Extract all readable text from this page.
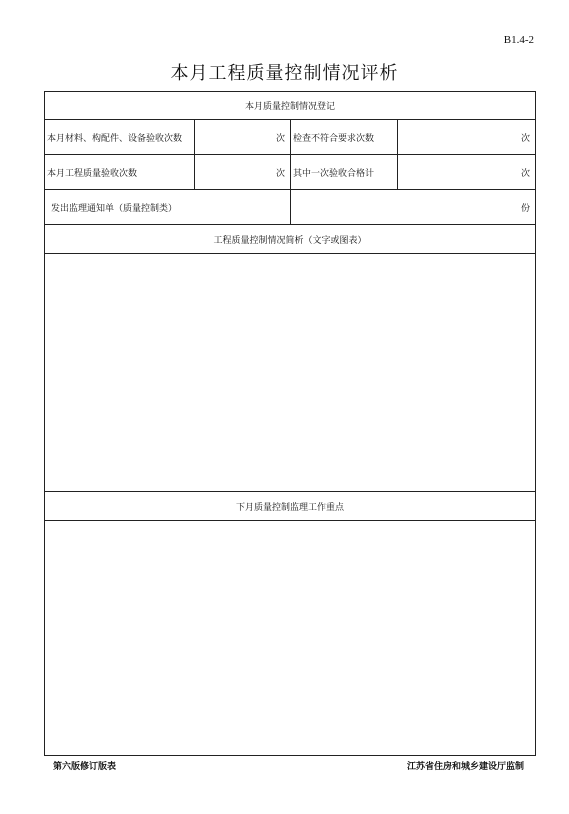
B1.4-2
本月工程质量控制情况评析
本月质量控制情况登记			
本月材料、构配件、设备验收次数	次	检查不符合要求次数	次
本月工程质量验收次数	次	其中一次验收合格计	次
发出监理通知单（质量控制类）		份	
工程质量控制情况简析（文字或图表）			

下月质量控制监理工作重点			

第六版修订版表	江苏省住房和城乡建设厅监制
